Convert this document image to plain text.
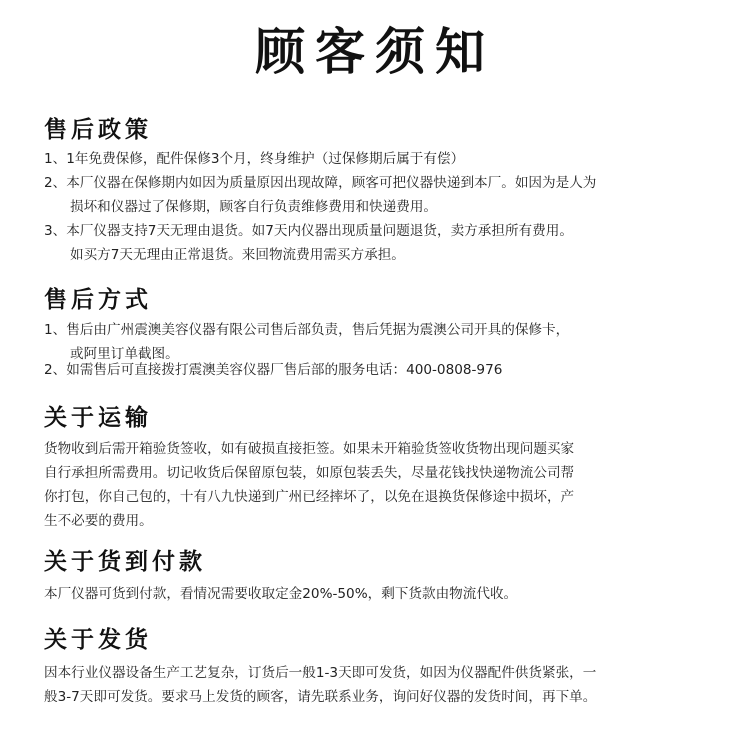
顾客须知
售后政策
1、1年免费保修，配件保修3个月，终身维护（过保修期后属于有偿）
2、本厂仪器在保修期内如因为质量原因出现故障，顾客可把仪器快递到本厂。如因为是人为
损坏和仪器过了保修期，顾客自行负责维修费用和快递费用。
3、本厂仪器支持7天无理由退货。如7天内仪器出现质量问题退货，卖方承担所有费用。
如买方7天无理由正常退货。来回物流费用需买方承担。
售后方式
1、售后由广州震澳美容仪器有限公司售后部负责，售后凭据为震澳公司开具的保修卡，
或阿里订单截图。
2、如需售后可直接拨打震澳美容仪器厂售后部的服务电话：400-0808-976
关于运输
货物收到后需开箱验货签收，如有破损直接拒签。如果未开箱验货签收货物出现问题买家
自行承担所需费用。切记收货后保留原包装，如原包装丢失，尽量花钱找快递物流公司帮
你打包，你自己包的，十有八九快递到广州已经摔坏了，以免在退换货保修途中损坏，产
生不必要的费用。
关于货到付款
本厂仪器可货到付款，看情况需要收取定金20%-50%，剩下货款由物流代收。
关于发货
因本行业仪器设备生产工艺复杂，订货后一般1-3天即可发货，如因为仪器配件供货紧张，一
般3-7天即可发货。要求马上发货的顾客，请先联系业务，询问好仪器的发货时间，再下单。
